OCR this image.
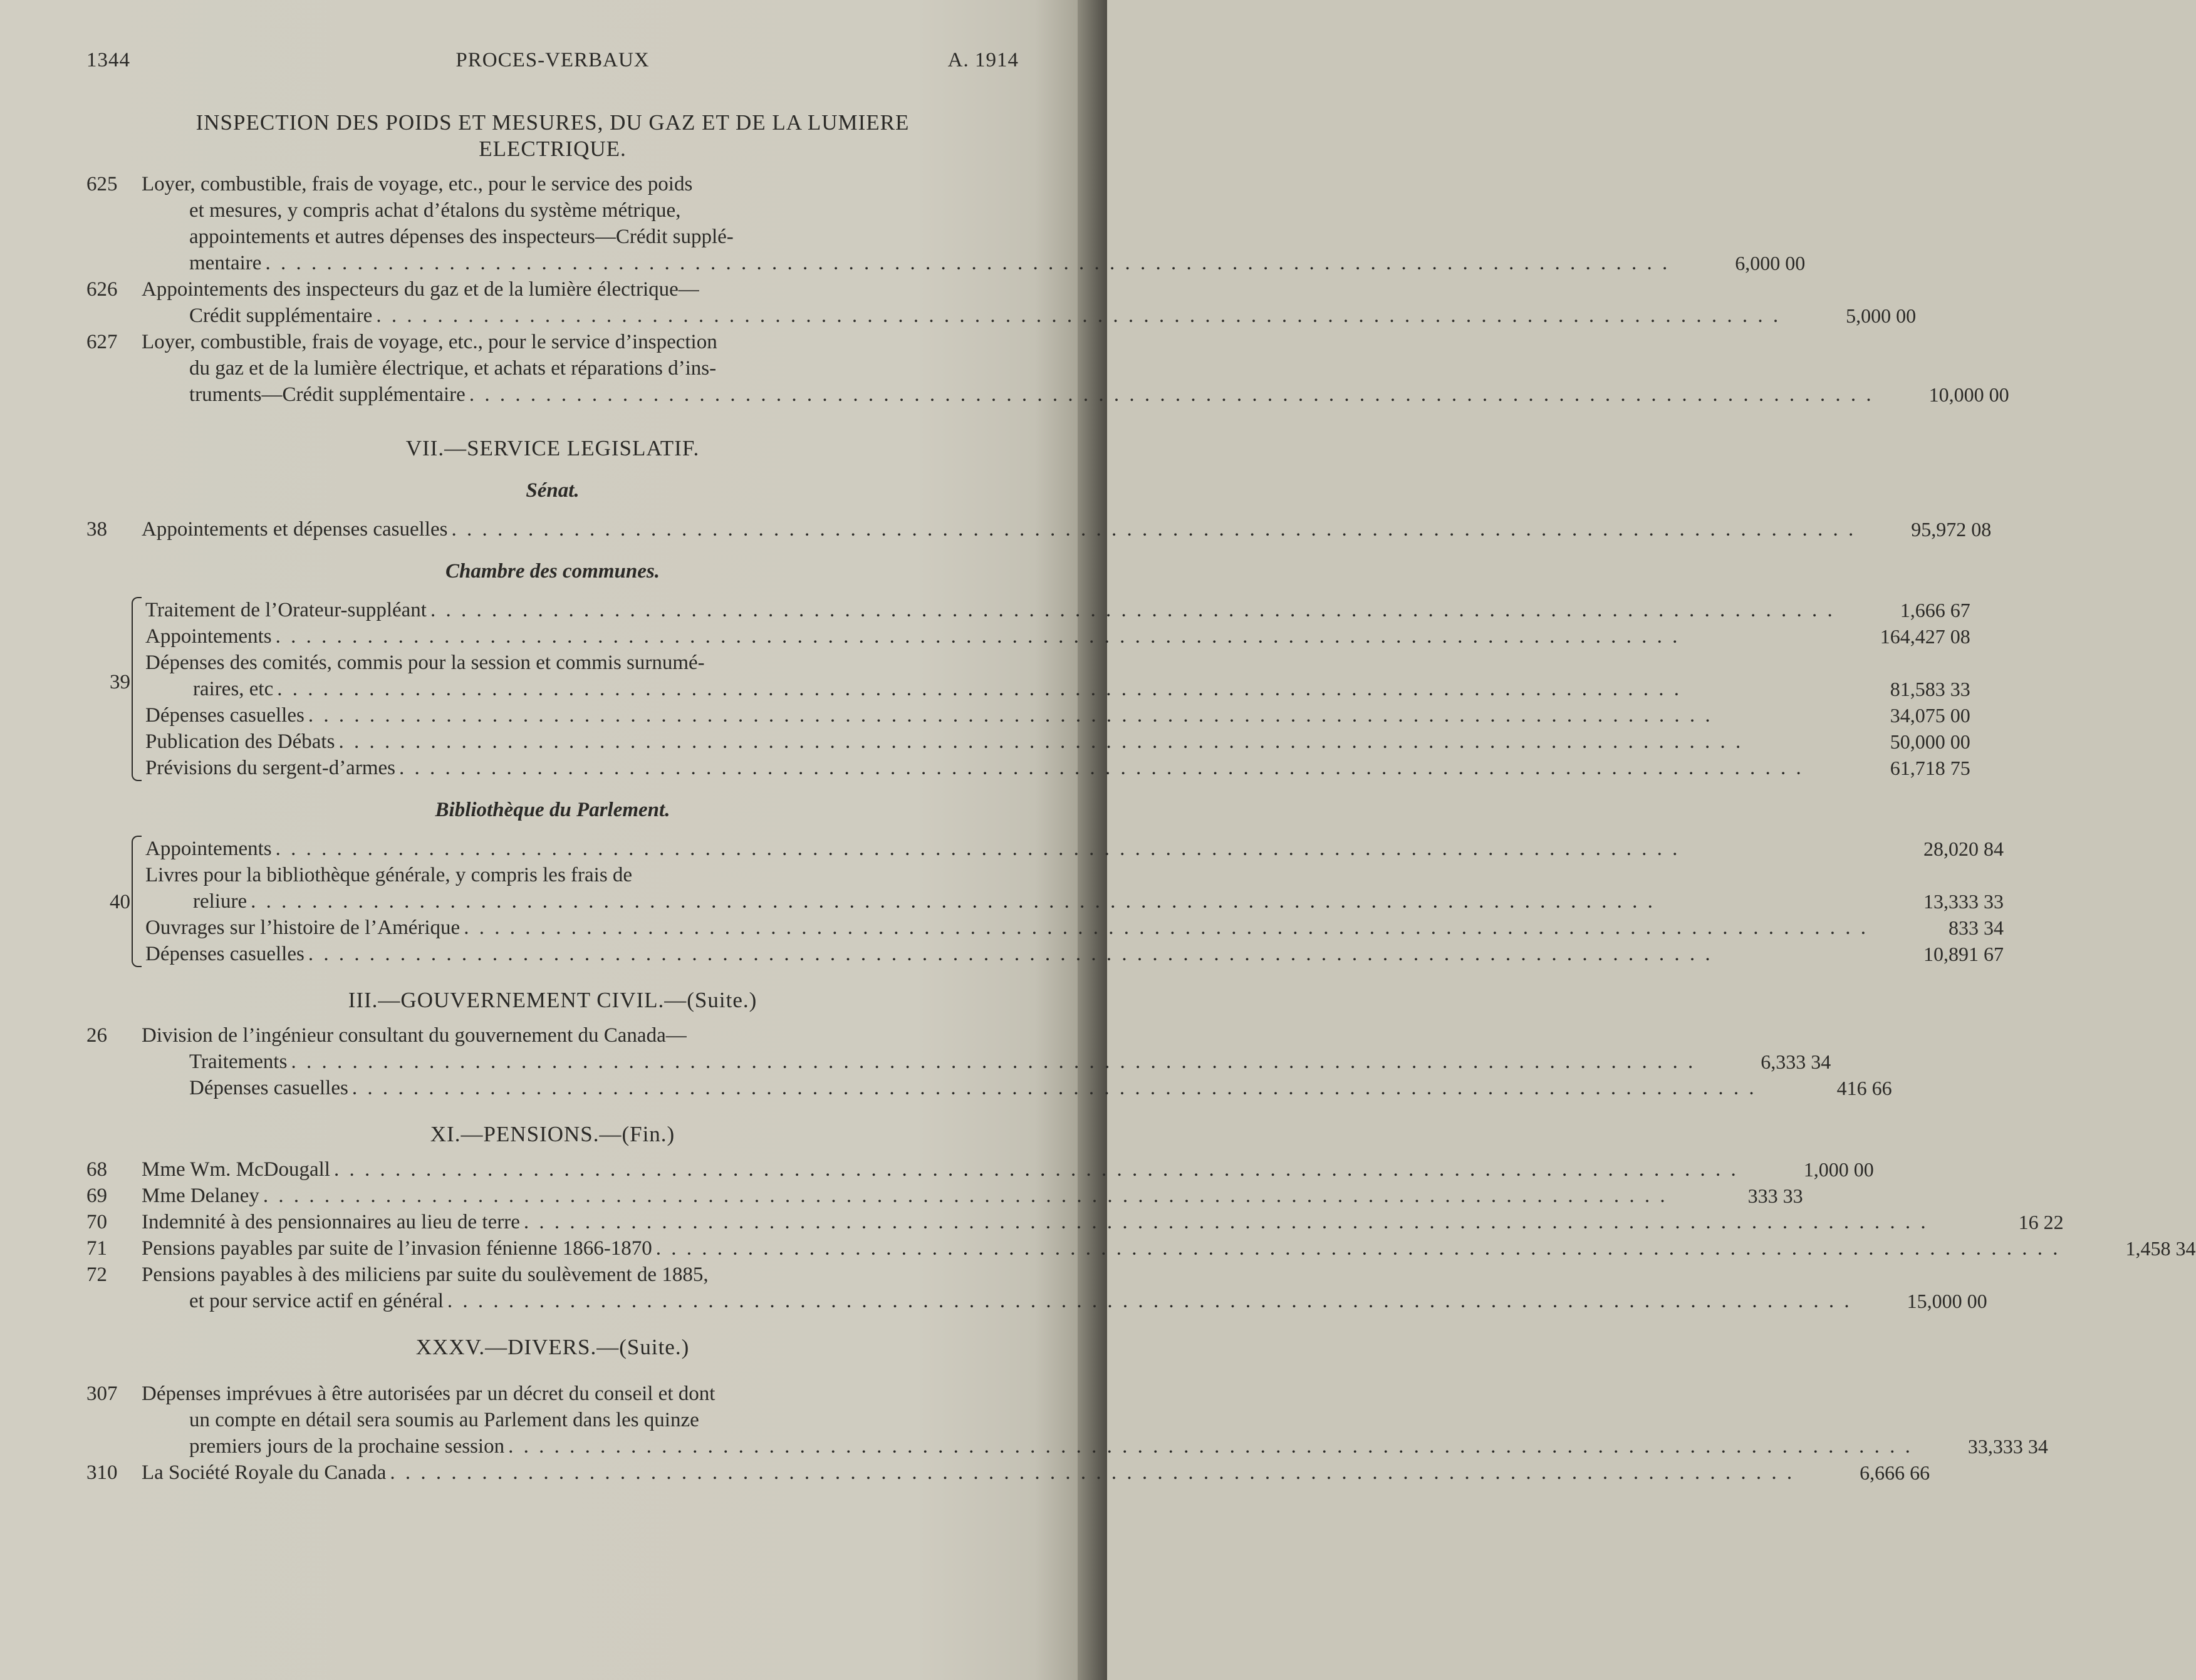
1344	PROCES-VERBAUX	A. 1914
INSPECTION DES POIDS ET MESURES, DU GAZ ET DE LA LUMIERE
ELECTRIQUE.
625	Loyer, combustible, frais de voyage, etc., pour le service des poids
et mesures, y compris achat d’étalons du système métrique,
appointements et autres dépenses des inspecteurs—Crédit supplé-
mentaire . . .	6,000 00
626	Appointements des inspecteurs du gaz et de la lumière électrique—
Crédit supplémentaire . . .	5,000 00
627	Loyer, combustible, frais de voyage, etc., pour le service d’inspection
du gaz et de la lumière électrique, et achats et réparations d’ins-
truments—Crédit supplémentaire . . .	10,000 00
VII.—SERVICE LEGISLATIF.
Sénat.
38	Appointements et dépenses casuelles . . .	95,972 08
Chambre des communes.
39
Traitement de l’Orateur-suppléant . . .	1,666 67
Appointements . . .	164,427 08
Dépenses des comités, commis pour la session et commis surnumé-
raires, etc . . .	81,583 33
Dépenses casuelles . . .	34,075 00
Publication des Débats . . .	50,000 00
Prévisions du sergent-d’armes . . .	61,718 75
Bibliothèque du Parlement.
40
Appointements . . .	28,020 84
Livres pour la bibliothèque générale, y compris les frais de
reliure . . .	13,333 33
Ouvrages sur l’histoire de l’Amérique . . .	833 34
Dépenses casuelles . . .	10,891 67
III.—GOUVERNEMENT CIVIL.—(Suite.)
26	Division de l’ingénieur consultant du gouvernement du Canada—
Traitements . . .	6,333 34
Dépenses casuelles . . .	416 66
XI.—PENSIONS.—(Fin.)
68	Mme Wm. McDougall . . .	1,000 00
69	Mme Delaney . . .	333 33
70	Indemnité à des pensionnaires au lieu de terre . . .	16 22
71	Pensions payables par suite de l’invasion fénienne 1866-1870 . . .	1,458 34
72	Pensions payables à des miliciens par suite du soulèvement de 1885,
et pour service actif en général . . .	15,000 00
XXXV.—DIVERS.—(Suite.)
307	Dépenses imprévues à être autorisées par un décret du conseil et dont
un compte en détail sera soumis au Parlement dans les quinze
premiers jours de la prochaine session . . .	33,333 34
310	La Société Royale du Canada . . .	6,666 66
